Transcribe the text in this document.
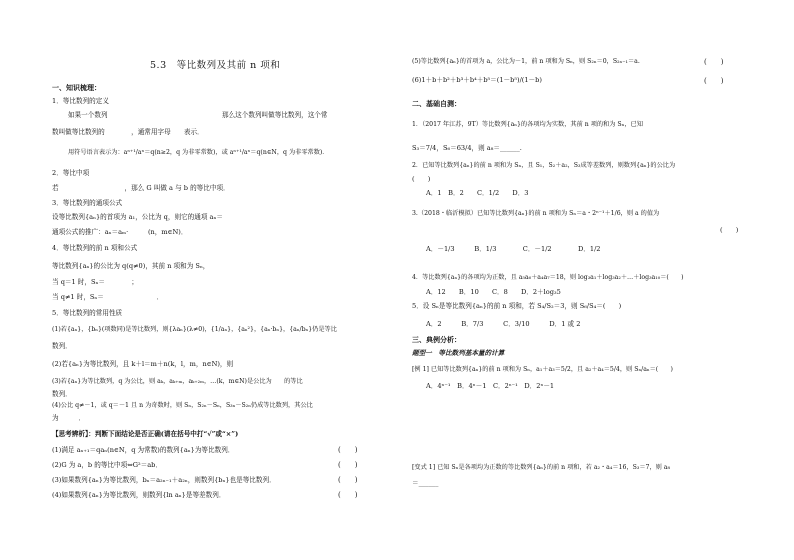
5.3　等比数列及其前 n 项和
一、知识梳理：
1．等比数列的定义
如果一个数列	那么这个数列叫做等比数列，这个常
数叫做等比数列的　　　　，通常用字母　　表示．
用符号语言表示为：aⁿ⁺¹/aⁿ＝q(n≥2，q 为非零常数)，或 aⁿ⁺¹/aⁿ＝q(n∈N，q 为非零常数)．
2．等比中项
若　　　　　　　　　　，那么 G 叫做 a 与 b 的等比中项．
3．等比数列的通项公式
设等比数列{aₙ}的首项为 a₁，公比为 q，则它的通项 aₙ＝
通项公式的推广：aₙ＝aₘ·　　　(n，m∈N)．
4．等比数列的前 n 项和公式
等比数列{aₙ}的公比为 q(q≠0)，其前 n 项和为 Sₙ，
当 q＝1 时，Sₙ＝　　　　；
当 q≠1 时，Sₙ＝　　　　　　　　．
5．等比数列的常用性质
(1)若{aₙ}，{bₙ}(项数同)是等比数列，则{λaₙ}(λ≠0)，{1/aₙ}，{aₙ²}，{aₙ·bₙ}，{aₙ/bₙ}仍是等比
数列．
(2)若{aₙ}为等比数列，且 k＋l＝m＋n(k，l，m，n∈N)，则
(3)若{aₙ}为等比数列，q 为公比，则 aₖ，aₖ₊ₘ，aₖ₊₂ₘ，…(k，m∈N)是公比为　　的等比
数列．
(4)公比 q≠－1，或 q＝－1 且 n 为奇数时，则 Sₙ，S₂ₙ－Sₙ，S₃ₙ－S₂ₙ仍成等比数列，其公比
为　　　．
【思考辨析】：判断下面结论是否正确(请在括号中打“√”或“×”)
(1)满足 aₙ₊₁＝qaₙ(n∈N，q 为常数)的数列{aₙ}为等比数列．
(2)G 为 a，b 的等比中项⇔G²＝ab．
(3)如果数列{aₙ}为等比数列，bₙ＝a₂ₙ₋₁＋a₂ₙ，则数列{bₙ}也是等比数列．
(4)如果数列{aₙ}为等比数列，则数列{ln aₙ}是等差数列．
(　　)
(　　)
(　　)
(　　)
(5)等比数列{aₙ}的首项为 a，公比为－1，前 n 项和为 Sₙ，则 S₂ₙ＝0，S₂ₙ₋₁＝a.	(　　)
(6)1＋b＋b²＋b³＋b⁴＋b⁵＝(1－b⁵)/(1－b)	(　　)
二、基础自测：
1．（2017 年江苏，9T）等比数列{aₙ}的各项均为实数，其前 n 项的和为 Sₙ，已知
S₃＝7/4，S₆＝63/4，则 a₈＝______.
2．已知等比数列{aₙ}的前 n 项和为 Sₙ，且 S₁，S₂＋a₂，S₃成等差数列，则数列{aₙ}的公比为
(　　)
A．1　B．2　　C．1/2　　D．3
3.（2018・临沂模拟）已知等比数列{aₙ}的前 n 项和为 Sₙ＝a・2ⁿ⁻¹＋1/6，则 a 的值为
(　　)
A．－1/3　　　B．1/3　　　　C．－1/2　　　　D．1/2
4．等比数列{aₙ}的各项均为正数，且 a₅a₆＋a₄a₇＝18，则 log₃a₁＋log₃a₂＋…＋log₃a₁₀＝(　　)
A．12　　B．10　　C．8　　D．2＋log₃5
5．设 Sₙ是等比数列{aₙ}的前 n 项和，若 S₄/S₂＝3，则 S₆/S₄＝(　　)
A．2　　　B．7/3　　　C．3/10　　　D．1 或 2
三、典例分析：
题型一　等比数列基本量的计算
[例 1] 已知等比数列{aₙ}的前 n 项和为 Sₙ，a₁＋a₃＝5/2，且 a₂＋a₄＝5/4，则 Sₙ/aₙ＝(　　)
A．4ⁿ⁻¹　B．4ⁿ－1　C．2ⁿ⁻¹　D．2ⁿ－1
[变式 1] 已知 Sₙ是各项均为正数的等比数列{aₙ}的前 n 项和，若 a₂・a₄＝16，S₃＝7，则 a₈
＝______
